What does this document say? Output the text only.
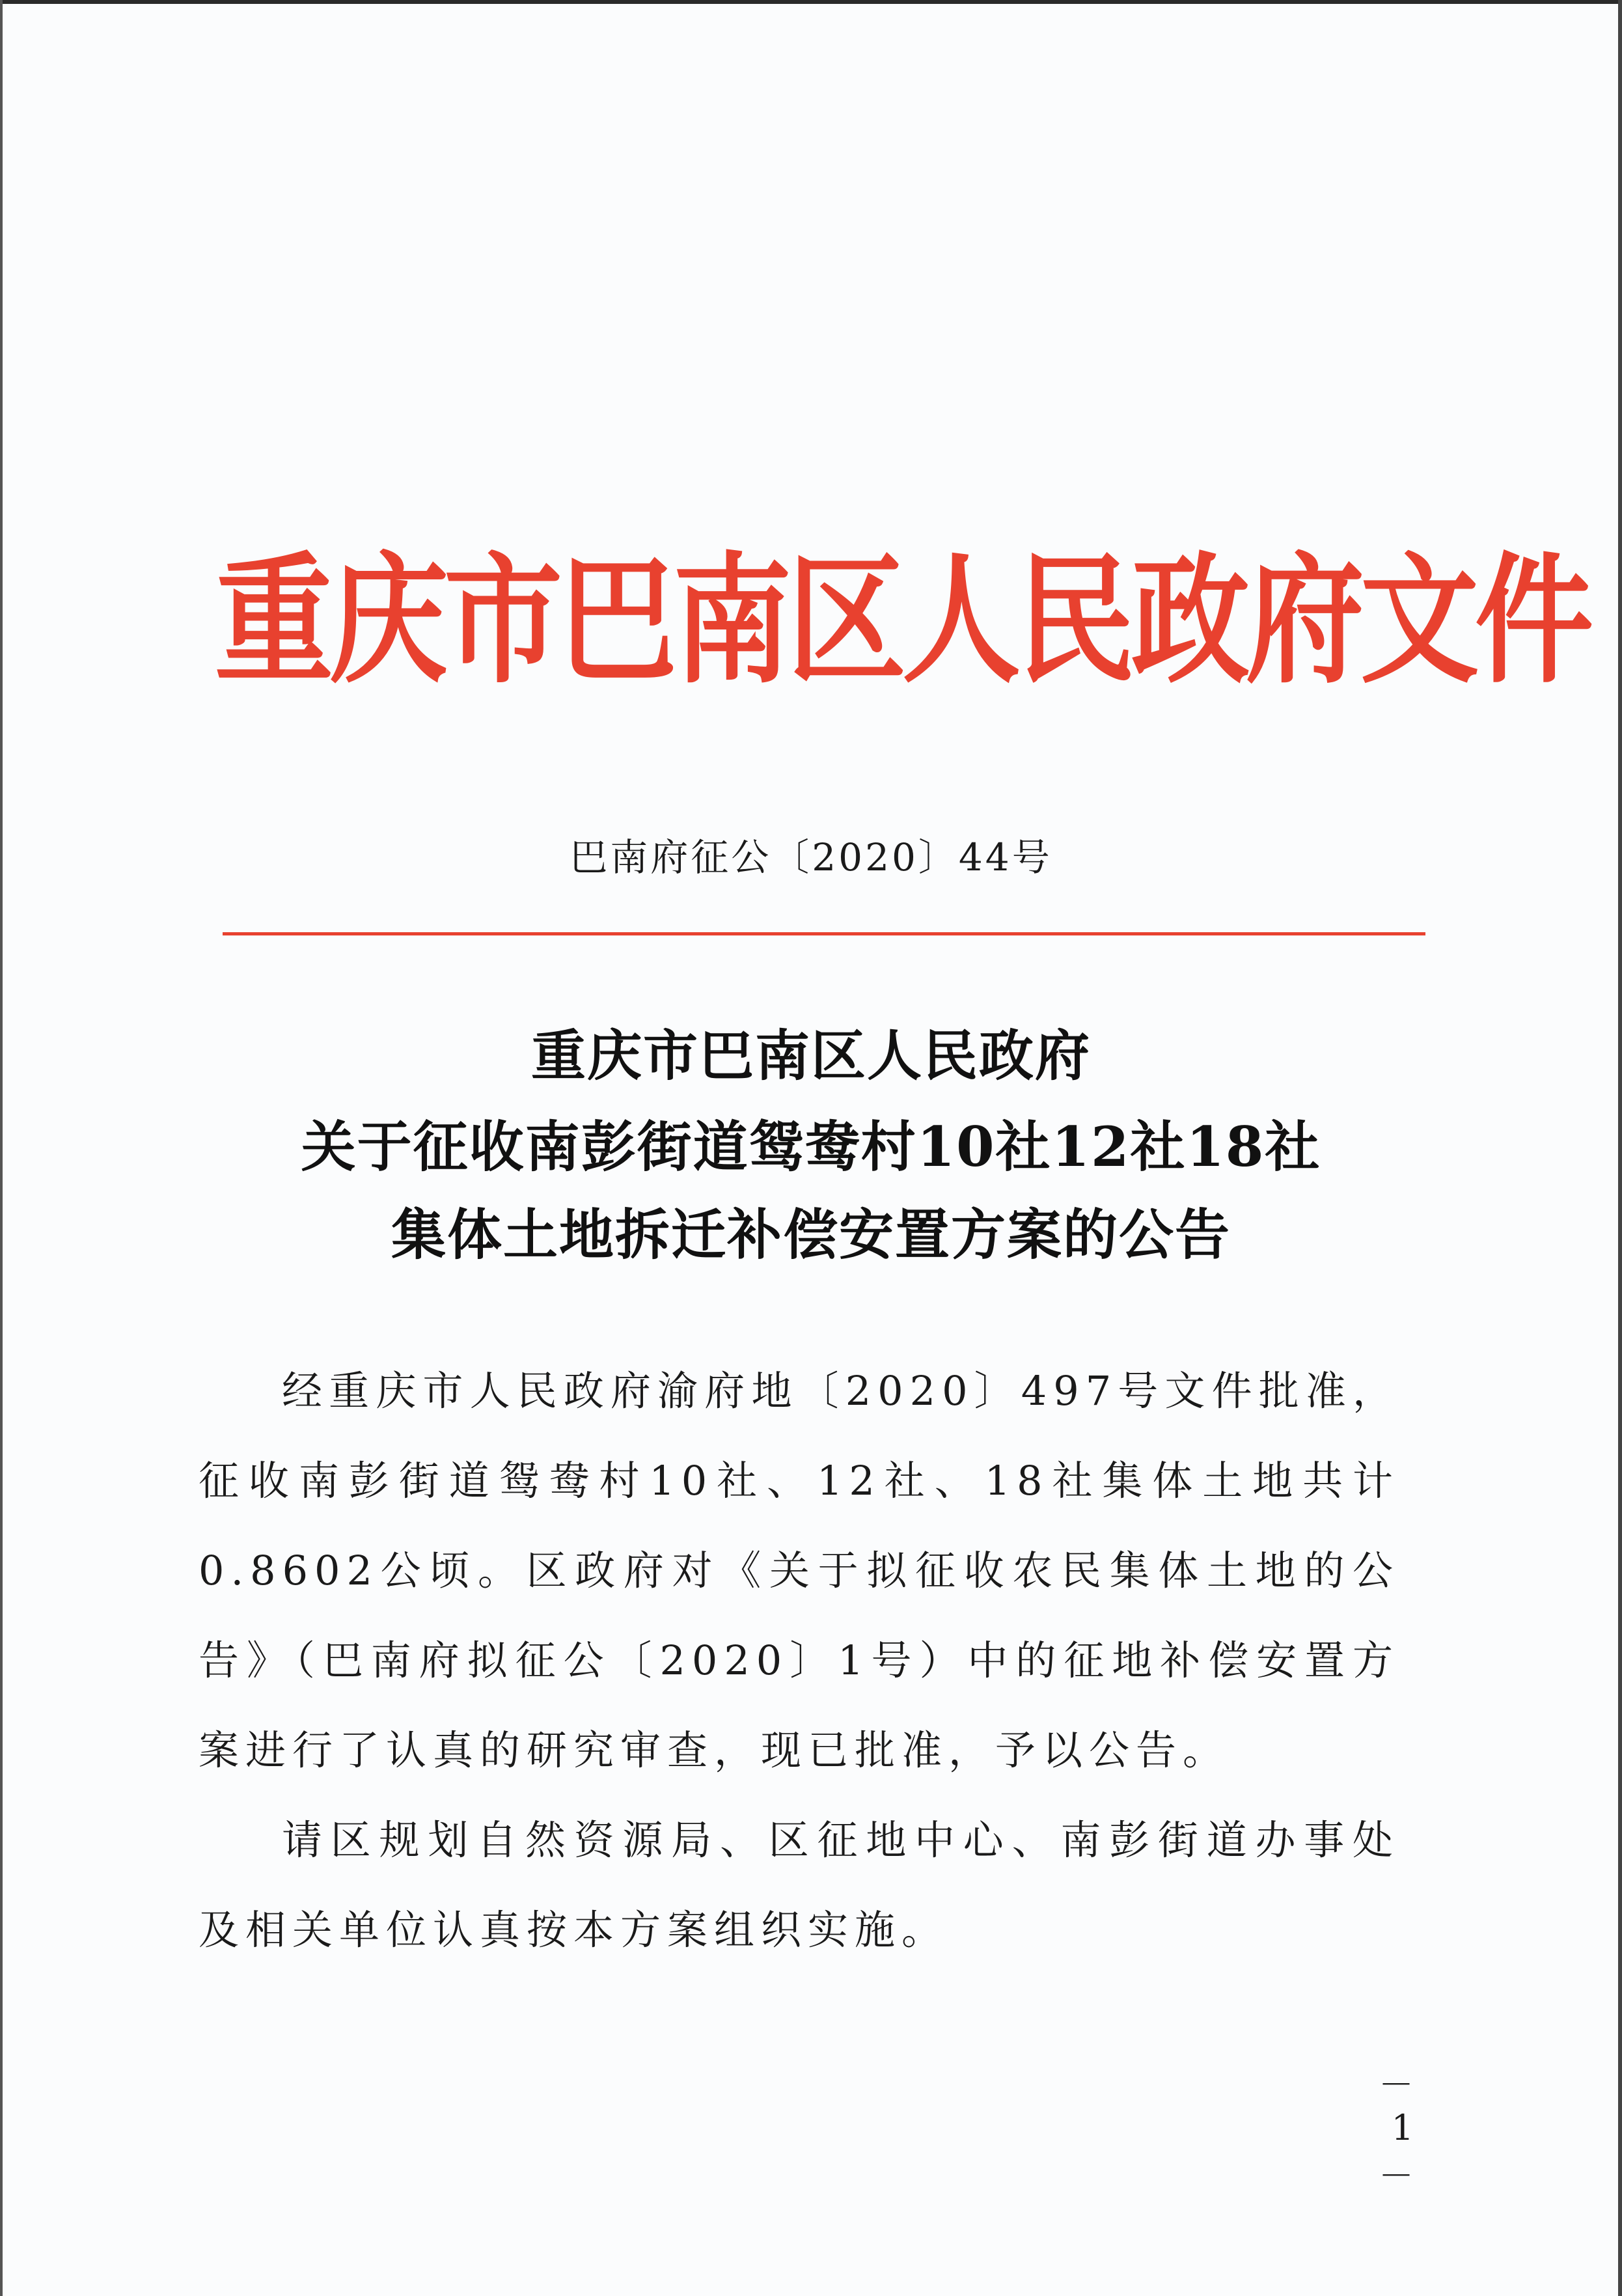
重庆市巴南区人民政府文件
巴南府征公〔2020〕44号
重庆市巴南区人民政府
关于征收南彭街道鸳鸯村10社12社18社
集体土地拆迁补偿安置方案的公告
经重庆市人民政府渝府地〔2020〕497号文件批准，征收南彭街道鸳鸯村10社、12社、18社集体土地共计0.8602公顷。区政府对《关于拟征收农民集体土地的公告》（巴南府拟征公〔2020〕1号）中的征地补偿安置方案进行了认真的研究审查，现已批准，予以公告。
请区规划自然资源局、区征地中心、南彭街道办事处及相关单位认真按本方案组织实施。
－ 1 －
